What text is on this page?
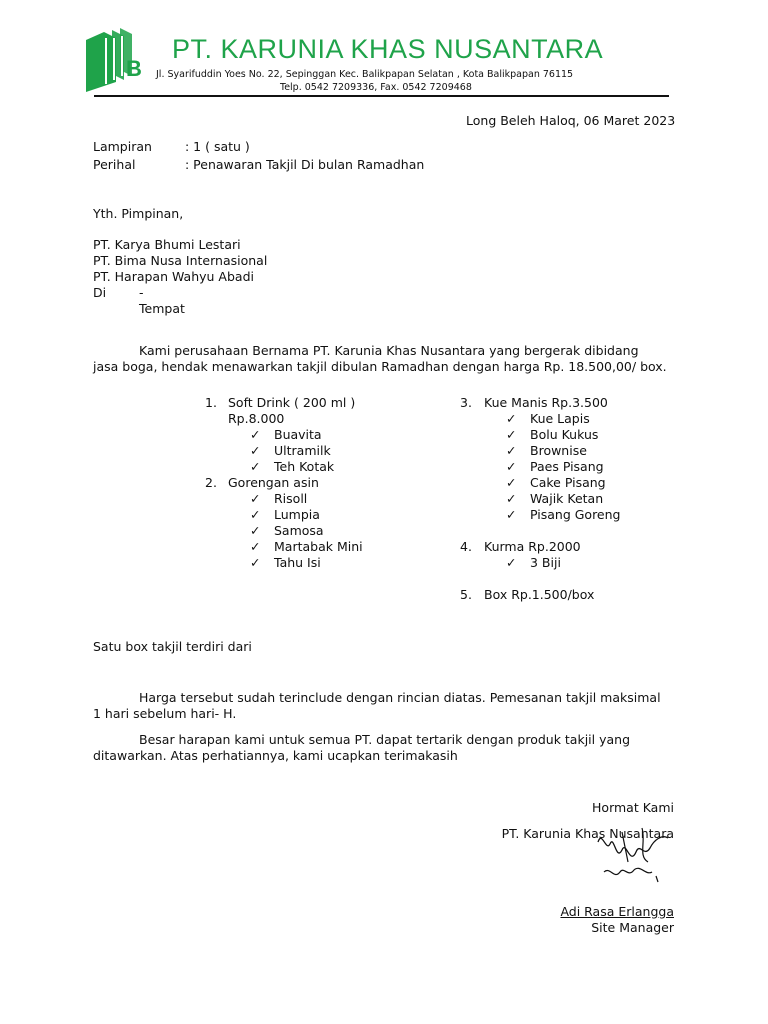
B
PT. KARUNIA KHAS NUSANTARA
Jl. Syarifuddin Yoes No. 22, Sepinggan Kec. Balikpapan Selatan , Kota Balikpapan 76115
Telp. 0542 7209336, Fax. 0542 7209468
Long Beleh Haloq, 06 Maret 2023
Lampiran	: 1 ( satu )
Perihal	: Penawaran Takjil Di bulan Ramadhan
Yth. Pimpinan,
PT. Karya Bhumi Lestari
PT. Bima Nusa Internasional
PT. Harapan Wahyu Abadi
Di	-
Tempat
Kami perusahaan Bernama PT. Karunia Khas Nusantara yang bergerak dibidang
jasa boga, hendak menawarkan takjil dibulan Ramadhan dengan harga Rp. 18.500,00/ box.
1. Soft Drink ( 200 ml )
Rp.8.000
✓ Buavita
✓ Ultramilk
✓ Teh Kotak
2. Gorengan asin
✓ Risoll
✓ Lumpia
✓ Samosa
✓ Martabak Mini
✓ Tahu Isi
3. Kue Manis Rp.3.500
✓ Kue Lapis
✓ Bolu Kukus
✓ Brownise
✓ Paes Pisang
✓ Cake Pisang
✓ Wajik Ketan
✓ Pisang Goreng
4. Kurma Rp.2000
✓ 3 Biji
5. Box Rp.1.500/box
Satu box takjil terdiri dari
Harga tersebut sudah terinclude dengan rincian diatas. Pemesanan takjil maksimal
1 hari sebelum hari- H.
Besar harapan kami untuk semua PT. dapat tertarik dengan produk takjil yang
ditawarkan. Atas perhatiannya, kami ucapkan terimakasih
Hormat Kami
PT. Karunia Khas Nusantara
Adi Rasa Erlangga
Site Manager
